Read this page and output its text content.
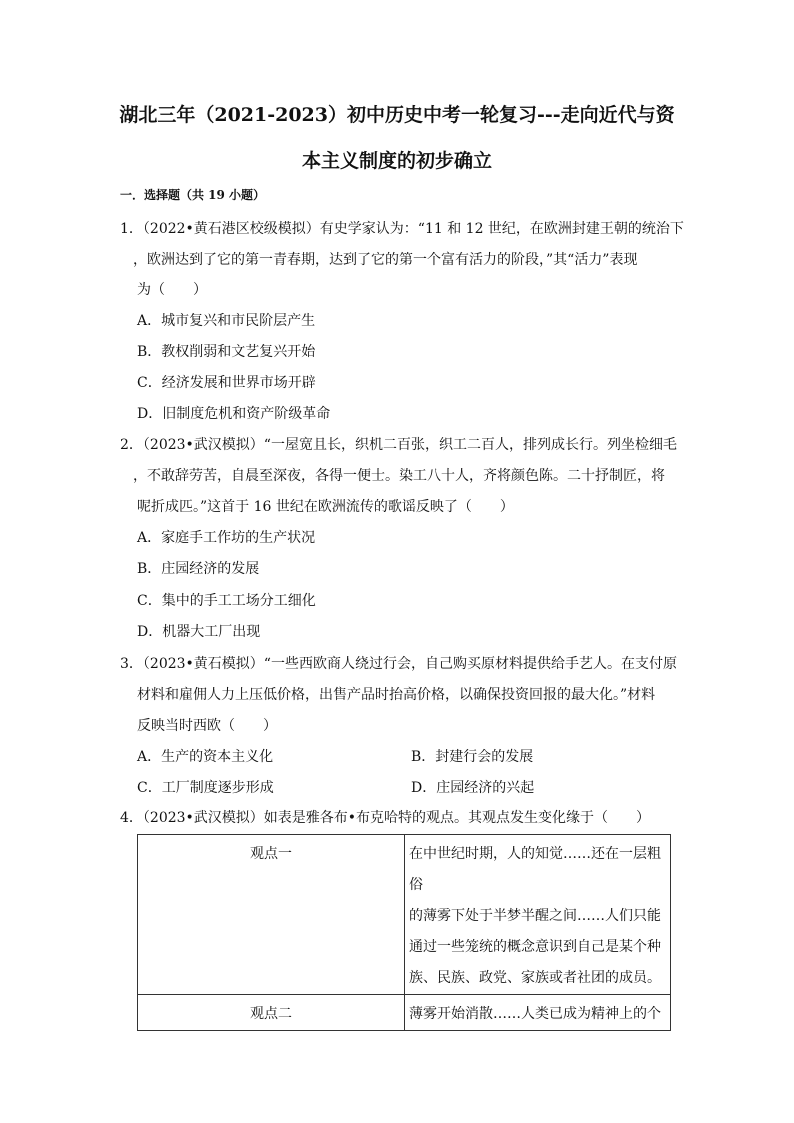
湖北三年（2021-2023）初中历史中考一轮复习---走向近代与资
本主义制度的初步确立
一．选择题（共 19 小题）
1．（2022•黄石港区校级模拟）有史学家认为：“11 和 12 世纪，在欧洲封建王朝的统治下
，欧洲达到了它的第一青春期，达到了它的第一个富有活力的阶段，”其“活力”表现
为（　　）
A．城市复兴和市民阶层产生
B．教权削弱和文艺复兴开始
C．经济发展和世界市场开辟
D．旧制度危机和资产阶级革命
2．（2023•武汉模拟）“一屋宽且长，织机二百张，织工二百人，排列成长行。列坐检细毛
，不敢辞劳苦，自晨至深夜，各得一便士。染工八十人，齐将颜色陈。二十抒制匠，将
呢折成匹。”这首于 16 世纪在欧洲流传的歌谣反映了（　　）
A．家庭手工作坊的生产状况
B．庄园经济的发展
C．集中的手工工场分工细化
D．机器大工厂出现
3．（2023•黄石模拟）“一些西欧商人绕过行会，自己购买原材料提供给手艺人。在支付原
材料和雇佣人力上压低价格，出售产品时抬高价格，以确保投资回报的最大化。”材料
反映当时西欧（　　）
A．生产的资本主义化	B．封建行会的发展
C．工厂制度逐步形成	D．庄园经济的兴起
4．（2023•武汉模拟）如表是雅各布•布克哈特的观点。其观点发生变化缘于（　　）
观点一	在中世纪时期，人的知觉……还在一层粗俗
的薄雾下处于半梦半醒之间……人们只能
通过一些笼统的概念意识到自己是某个种
族、民族、政党、家族或者社团的成员。

观点二	薄雾开始消散……人类已成为精神上的个
